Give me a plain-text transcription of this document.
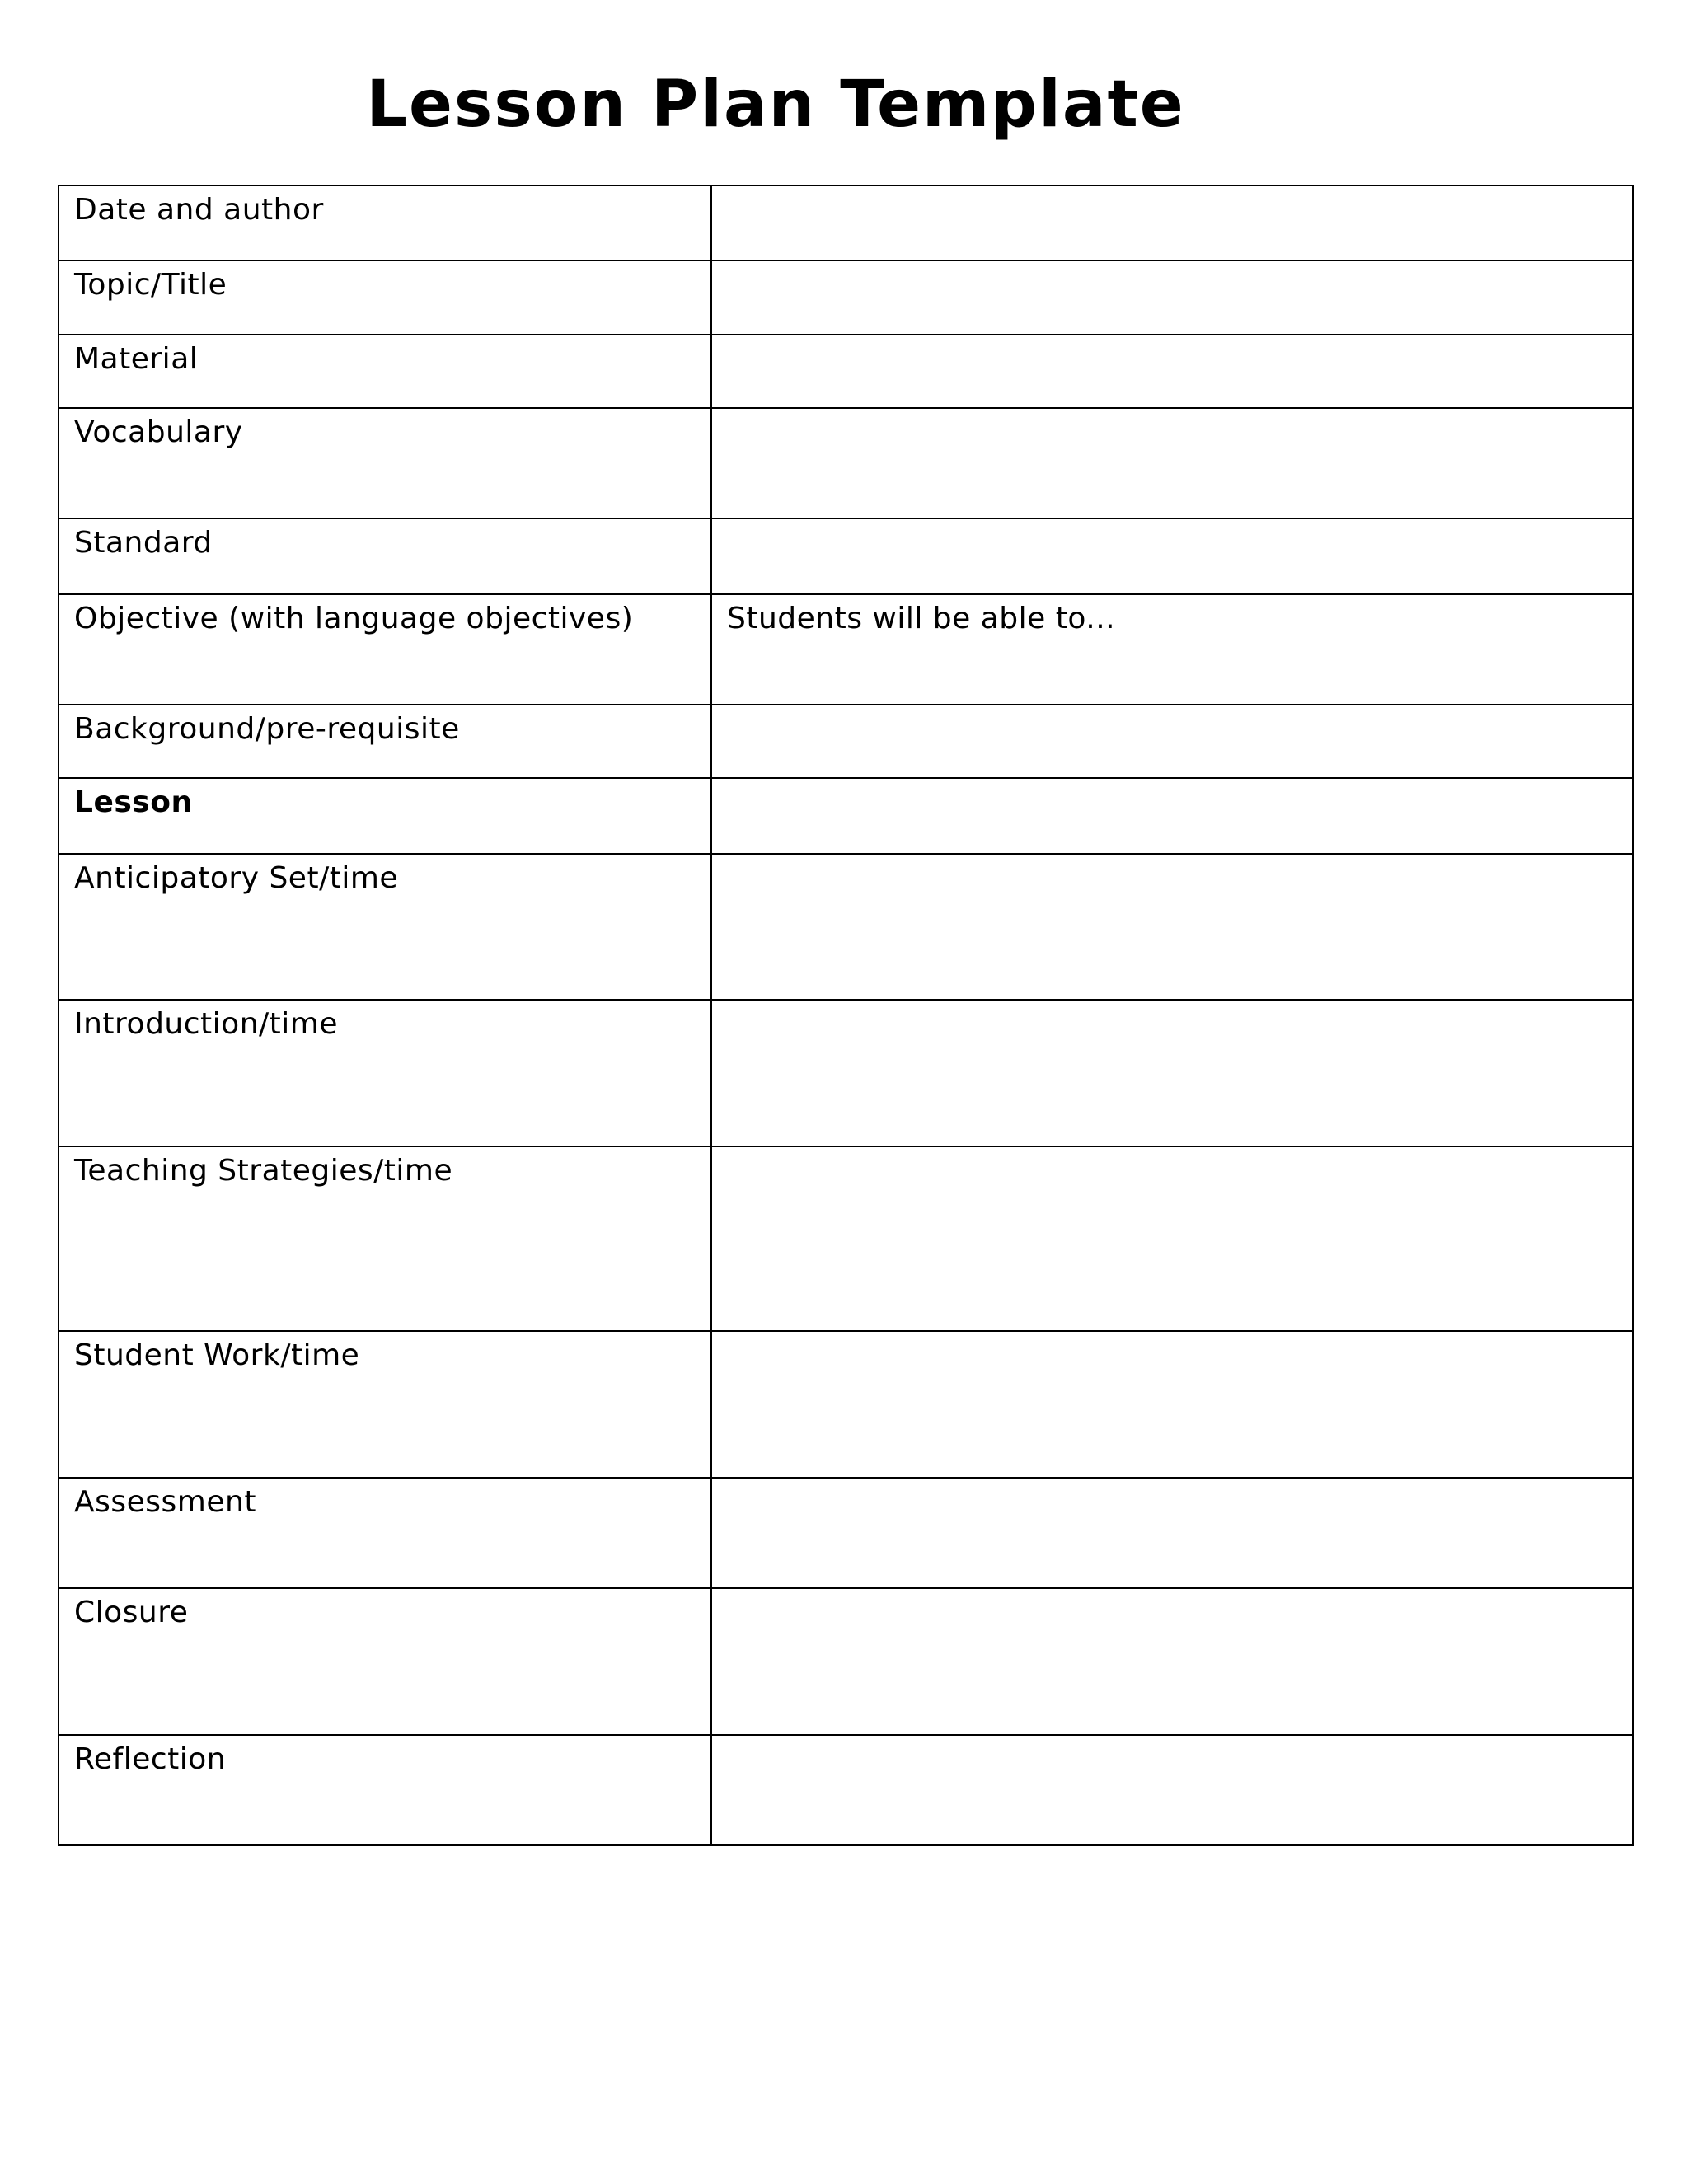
Lesson Plan Template
Date and author	

Topic/Title	

Material	

Vocabulary	

Standard	

Objective (with language objectives)	Students will be able to...

Background/pre-requisite	

Lesson	

Anticipatory Set/time	

Introduction/time	

Teaching Strategies/time	

Student Work/time	

Assessment	

Closure	

Reflection	
